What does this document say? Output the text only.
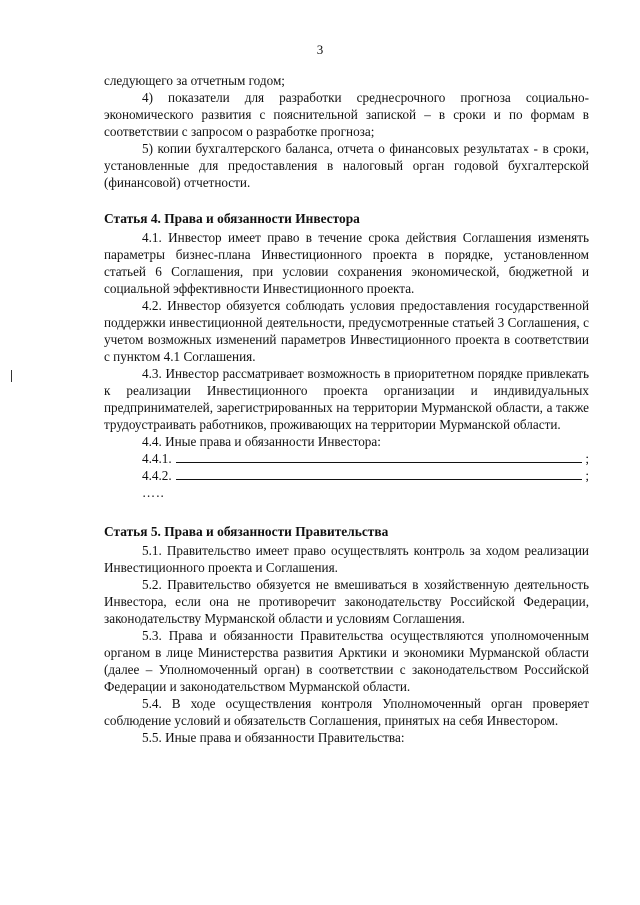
3

следующего за отчетным годом;

4) показатели для разработки среднесрочного прогноза социально-экономического развития с пояснительной запиской – в сроки и по формам в соответствии с запросом о разработке прогноза;

5) копии бухгалтерского баланса, отчета о финансовых результатах - в сроки, установленные для предоставления в налоговый орган годовой бухгалтерской (финансовой) отчетности.

Статья 4. Права и обязанности Инвестора

4.1. Инвестор имеет право в течение срока действия Соглашения изменять параметры бизнес-плана Инвестиционного проекта в порядке, установленном статьей 6 Соглашения, при условии сохранения экономической, бюджетной и социальной эффективности Инвестиционного проекта.

4.2. Инвестор обязуется соблюдать условия предоставления государственной поддержки инвестиционной деятельности, предусмотренные статьей 3 Соглашения, с учетом возможных изменений параметров Инвестиционного проекта в соответствии с пунктом 4.1 Соглашения.

4.3. Инвестор рассматривает возможность в приоритетном порядке привлекать к реализации Инвестиционного проекта организации и индивидуальных предпринимателей, зарегистрированных на территории Мурманской области, а также трудоустраивать работников, проживающих на территории Мурманской области.

4.4. Иные права и обязанности Инвестора:

4.4.1.	;
4.4.2.	;

…..

Статья 5. Права и обязанности Правительства

5.1. Правительство имеет право осуществлять контроль за ходом реализации Инвестиционного проекта и Соглашения.

5.2. Правительство обязуется не вмешиваться в хозяйственную деятельность Инвестора, если она не противоречит законодательству Российской Федерации, законодательству Мурманской области и условиям Соглашения.

5.3. Права и обязанности Правительства осуществляются уполномоченным органом в лице Министерства развития Арктики и экономики Мурманской области (далее – Уполномоченный орган) в соответствии с законодательством Российской Федерации и законодательством Мурманской области.

5.4. В ходе осуществления контроля Уполномоченный орган проверяет соблюдение условий и обязательств Соглашения, принятых на себя Инвестором.

5.5. Иные права и обязанности Правительства:
